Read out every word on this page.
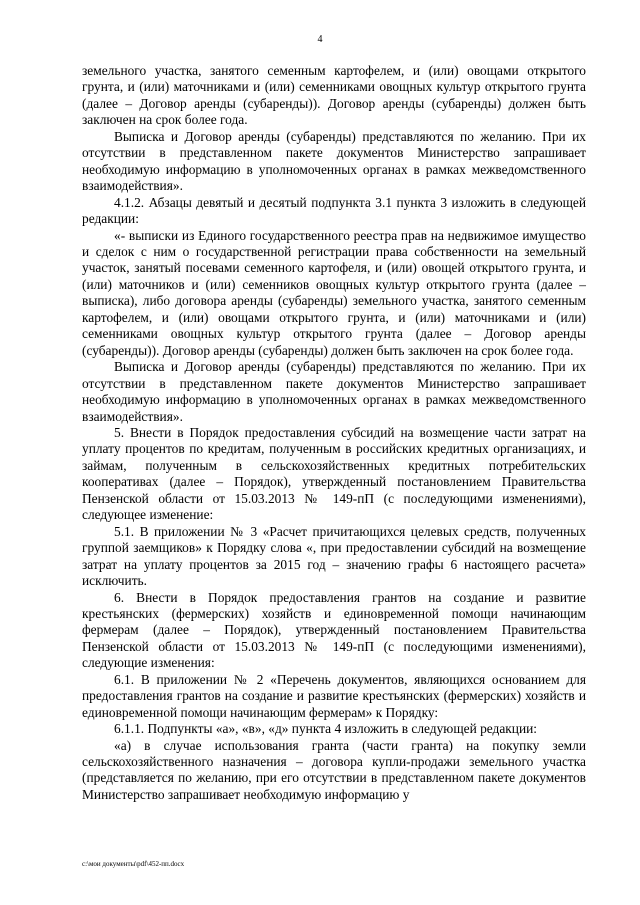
4

земельного участка, занятого семенным картофелем, и (или) овощами открытого грунта, и (или) маточниками и (или) семенниками овощных культур открытого грунта (далее – Договор аренды (субаренды)). Договор аренды (субаренды) должен быть заключен на срок более года.

Выписка и Договор аренды (субаренды) представляются по желанию. При их отсутствии в представленном пакете документов Министерство запрашивает необходимую информацию в уполномоченных органах в рамках межведомственного взаимодействия».

4.1.2. Абзацы девятый и десятый подпункта 3.1 пункта 3 изложить в следующей редакции:

«- выписки из Единого государственного реестра прав на недвижимое имущество и сделок с ним о государственной регистрации права собственности на земельный участок, занятый посевами семенного картофеля, и (или) овощей открытого грунта, и (или) маточников и (или) семенников овощных культур открытого грунта (далее – выписка), либо договора аренды (субаренды) земельного участка, занятого семенным картофелем, и (или) овощами открытого грунта, и (или) маточниками и (или) семенниками овощных культур открытого грунта (далее – Договор аренды (субаренды)). Договор аренды (субаренды) должен быть заключен на срок более года.

Выписка и Договор аренды (субаренды) представляются по желанию. При их отсутствии в представленном пакете документов Министерство запрашивает необходимую информацию в уполномоченных органах в рамках межведомственного взаимодействия».

5. Внести в Порядок предоставления субсидий на возмещение части затрат на уплату процентов по кредитам, полученным в российских кредитных организациях, и займам, полученным в сельскохозяйственных кредитных потребительских кооперативах (далее – Порядок), утвержденный постановлением Правительства Пензенской области от 15.03.2013 № 149-пП (с последующими изменениями), следующее изменение:

5.1. В приложении № 3 «Расчет причитающихся целевых средств, полученных группой заемщиков» к Порядку слова «, при предоставлении субсидий на возмещение затрат на уплату процентов за 2015 год – значению графы 6 настоящего расчета» исключить.

6. Внести в Порядок предоставления грантов на создание и развитие крестьянских (фермерских) хозяйств и единовременной помощи начинающим фермерам (далее – Порядок), утвержденный постановлением Правительства Пензенской области от 15.03.2013 № 149-пП (с последующими изменениями), следующие изменения:

6.1. В приложении № 2 «Перечень документов, являющихся основанием для предоставления грантов на создание и развитие крестьянских (фермерских) хозяйств и единовременной помощи начинающим фермерам» к Порядку:

6.1.1. Подпункты «а», «в», «д» пункта 4 изложить в следующей редакции:

«а) в случае использования гранта (части гранта) на покупку земли сельскохозяйственного назначения – договора купли-продажи земельного участка (представляется по желанию, при его отсутствии в представленном пакете документов Министерство запрашивает необходимую информацию у

c:\мои документы\pdf\452-пп.docx
